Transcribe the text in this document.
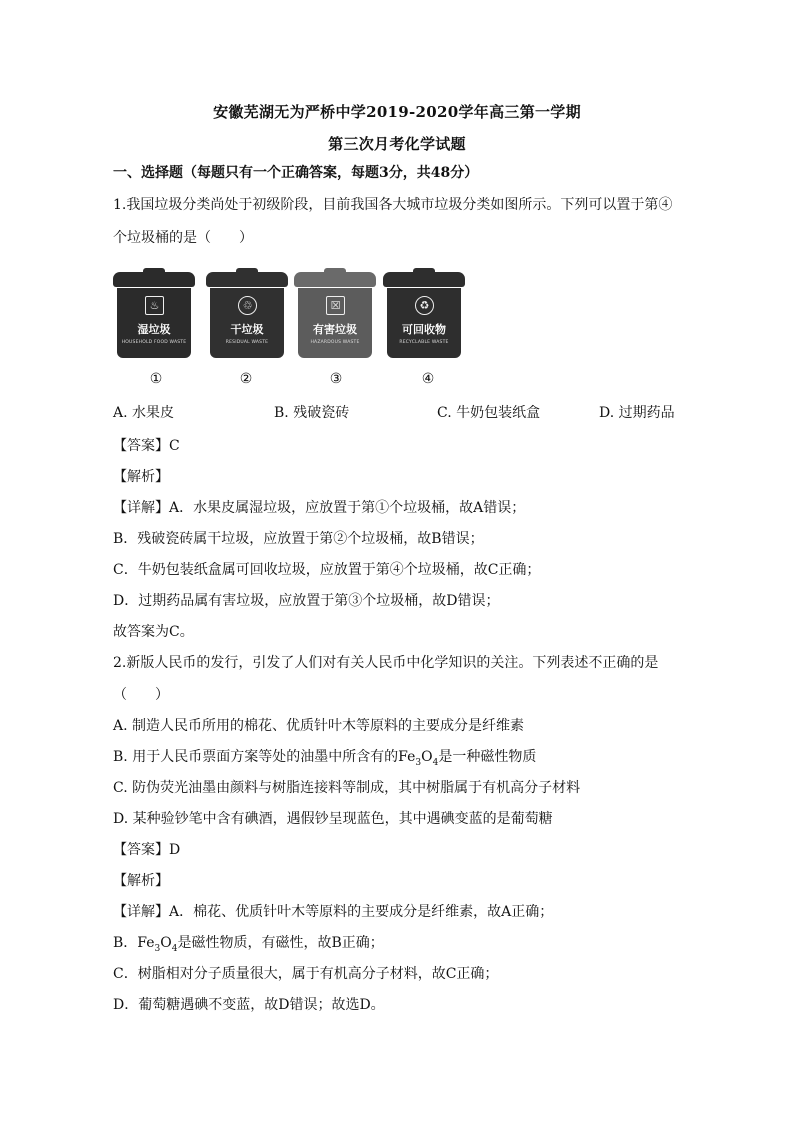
安徽芜湖无为严桥中学2019-2020学年高三第一学期
第三次月考化学试题
一、选择题（每题只有一个正确答案，每题3分，共48分）
1.我国垃圾分类尚处于初级阶段，目前我国各大城市垃圾分类如图所示。下列可以置于第④
个垃圾桶的是（　　）
♨
湿垃圾
HOUSEHOLD FOOD WASTE
♲
干垃圾
RESIDUAL WASTE
☒
有害垃圾
HAZARDOUS WASTE
♻
可回收物
RECYCLABLE WASTE
①	②	③	④
A. 水果皮	B. 残破瓷砖	C. 牛奶包装纸盒	D. 过期药品
【答案】C
【解析】
【详解】A．水果皮属湿垃圾，应放置于第①个垃圾桶，故A错误；
B．残破瓷砖属干垃圾，应放置于第②个垃圾桶，故B错误；
C．牛奶包装纸盒属可回收垃圾，应放置于第④个垃圾桶，故C正确；
D．过期药品属有害垃圾，应放置于第③个垃圾桶，故D错误；
故答案为C。
2.新版人民币的发行，引发了人们对有关人民币中化学知识的关注。下列表述不正确的是
（　　）
A. 制造人民币所用的棉花、优质针叶木等原料的主要成分是纤维素
B. 用于人民币票面方案等处的油墨中所含有的$Fe_3O_4$是一种磁性物质
C. 防伪荧光油墨由颜料与树脂连接料等制成，其中树脂属于有机高分子材料
D. 某种验钞笔中含有碘酒，遇假钞呈现蓝色，其中遇碘变蓝的是葡萄糖
【答案】D
【解析】
【详解】A．棉花、优质针叶木等原料的主要成分是纤维素，故A正确；
B．$Fe_3O_4$是磁性物质，有磁性，故B正确；
C．树脂相对分子质量很大，属于有机高分子材料，故C正确；
D．葡萄糖遇碘不变蓝，故D错误；故选D。
